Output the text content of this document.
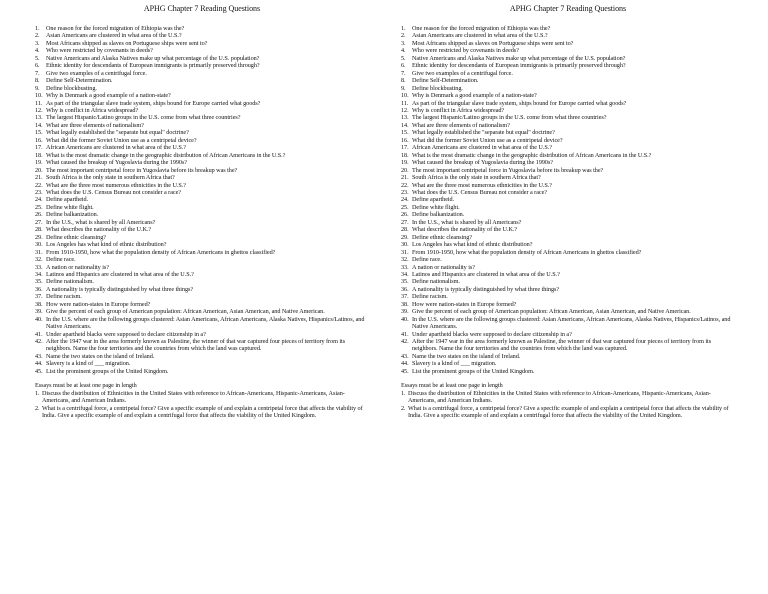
APHG Chapter 7 Reading Questions
1. One reason for the forced migration of Ethiopia was the?
2. Asian Americans are clustered in what area of the U.S.?
3. Most Africans shipped as slaves on Portuguese ships were sent to?
4. Who were restricted by covenants in deeds?
5. Native Americans and Alaska Natives make up what percentage of the U.S. population?
6. Ethnic identity for descendants of European immigrants is primarily preserved through?
7. Give two examples of a centrifugal force.
8. Define Self-Determination.
9. Define blockbusting.
10. Why is Denmark a good example of a nation-state?
11. As part of the triangular slave trade system, ships bound for Europe carried what goods?
12. Why is conflict in Africa widespread?
13. The largest Hispanic/Latino groups in the U.S. come from what three countries?
14. What are three elements of nationalism?
15. What legally established the "separate but equal" doctrine?
16. What did the former Soviet Union use as a centripetal device?
17. African Americans are clustered in what area of the U.S.?
18. What is the most dramatic change in the geographic distribution of African Americans in the U.S.?
19. What caused the breakup of Yugoslavia during the 1990s?
20. The most important centripetal force in Yugoslavia before its breakup was the?
21. South Africa is the only state in southern Africa that?
22. What are the three most numerous ethnicities in the U.S.?
23. What does the U.S. Census Bureau not consider a race?
24. Define apartheid.
25. Define white flight.
26. Define balkanization.
27. In the U.S., what is shared by all Americans?
28. What describes the nationality of the U.K.?
29. Define ethnic cleansing?
30. Los Angeles has what kind of ethnic distribution?
31. From 1910-1950, how what the population density of African Americans in ghettos classified?
32. Define race.
33. A nation or nationality is?
34. Latinos and Hispanics are clustered in what area of the U.S.?
35. Define nationalism.
36. A nationality is typically distinguished by what three things?
37. Define racism.
38. How were nation-states in Europe formed?
39. Give the percent of each group of American population: African American, Asian American, and Native American.
40. In the U.S. where are the following groups clustered: Asian Americans, African Americans, Alaska Natives, Hispanics/Latinos, and Native Americans.
41. Under apartheid blacks were supposed to declare citizenship in a?
42. After the 1947 war in the area formerly known as Palestine, the winner of that war captured four pieces of territory from its neighbors. Name the four territories and the countries from which the land was captured.
43. Name the two states on the island of Ireland.
44. Slavery is a kind of ___ migration.
45. List the prominent groups of the United Kingdom.
Essays must be at least one page in length
1. Discuss the distribution of Ethnicities in the United States with reference to African-Americans, Hispanic-Americans, Asian-Americans, and American Indians.
2. What is a centrifugal force, a centripetal force? Give a specific example of and explain a centripetal force that affects the viability of India. Give a specific example of and explain a centrifugal force that affects the viability of the United Kingdom.
APHG Chapter 7 Reading Questions
1. One reason for the forced migration of Ethiopia was the?
2. Asian Americans are clustered in what area of the U.S.?
3. Most Africans shipped as slaves on Portuguese ships were sent to?
4. Who were restricted by covenants in deeds?
5. Native Americans and Alaska Natives make up what percentage of the U.S. population?
6. Ethnic identity for descendants of European immigrants is primarily preserved through?
7. Give two examples of a centrifugal force.
8. Define Self-Determination.
9. Define blockbusting.
10. Why is Denmark a good example of a nation-state?
11. As part of the triangular slave trade system, ships bound for Europe carried what goods?
12. Why is conflict in Africa widespread?
13. The largest Hispanic/Latino groups in the U.S. come from what three countries?
14. What are three elements of nationalism?
15. What legally established the "separate but equal" doctrine?
16. What did the former Soviet Union use as a centripetal device?
17. African Americans are clustered in what area of the U.S.?
18. What is the most dramatic change in the geographic distribution of African Americans in the U.S.?
19. What caused the breakup of Yugoslavia during the 1990s?
20. The most important centripetal force in Yugoslavia before its breakup was the?
21. South Africa is the only state in southern Africa that?
22. What are the three most numerous ethnicities in the U.S.?
23. What does the U.S. Census Bureau not consider a race?
24. Define apartheid.
25. Define white flight.
26. Define balkanization.
27. In the U.S., what is shared by all Americans?
28. What describes the nationality of the U.K.?
29. Define ethnic cleansing?
30. Los Angeles has what kind of ethnic distribution?
31. From 1910-1950, how what the population density of African Americans in ghettos classified?
32. Define race.
33. A nation or nationality is?
34. Latinos and Hispanics are clustered in what area of the U.S.?
35. Define nationalism.
36. A nationality is typically distinguished by what three things?
37. Define racism.
38. How were nation-states in Europe formed?
39. Give the percent of each group of American population: African American, Asian American, and Native American.
40. In the U.S. where are the following groups clustered: Asian Americans, African Americans, Alaska Natives, Hispanics/Latinos, and Native Americans.
41. Under apartheid blacks were supposed to declare citizenship in a?
42. After the 1947 war in the area formerly known as Palestine, the winner of that war captured four pieces of territory from its neighbors. Name the four territories and the countries from which the land was captured.
43. Name the two states on the island of Ireland.
44. Slavery is a kind of ___ migration.
45. List the prominent groups of the United Kingdom.
Essays must be at least one page in length
1. Discuss the distribution of Ethnicities in the United States with reference to African-Americans, Hispanic-Americans, Asian-Americans, and American Indians.
2. What is a centrifugal force, a centripetal force? Give a specific example of and explain a centripetal force that affects the viability of India. Give a specific example of and explain a centrifugal force that affects the viability of the United Kingdom.
